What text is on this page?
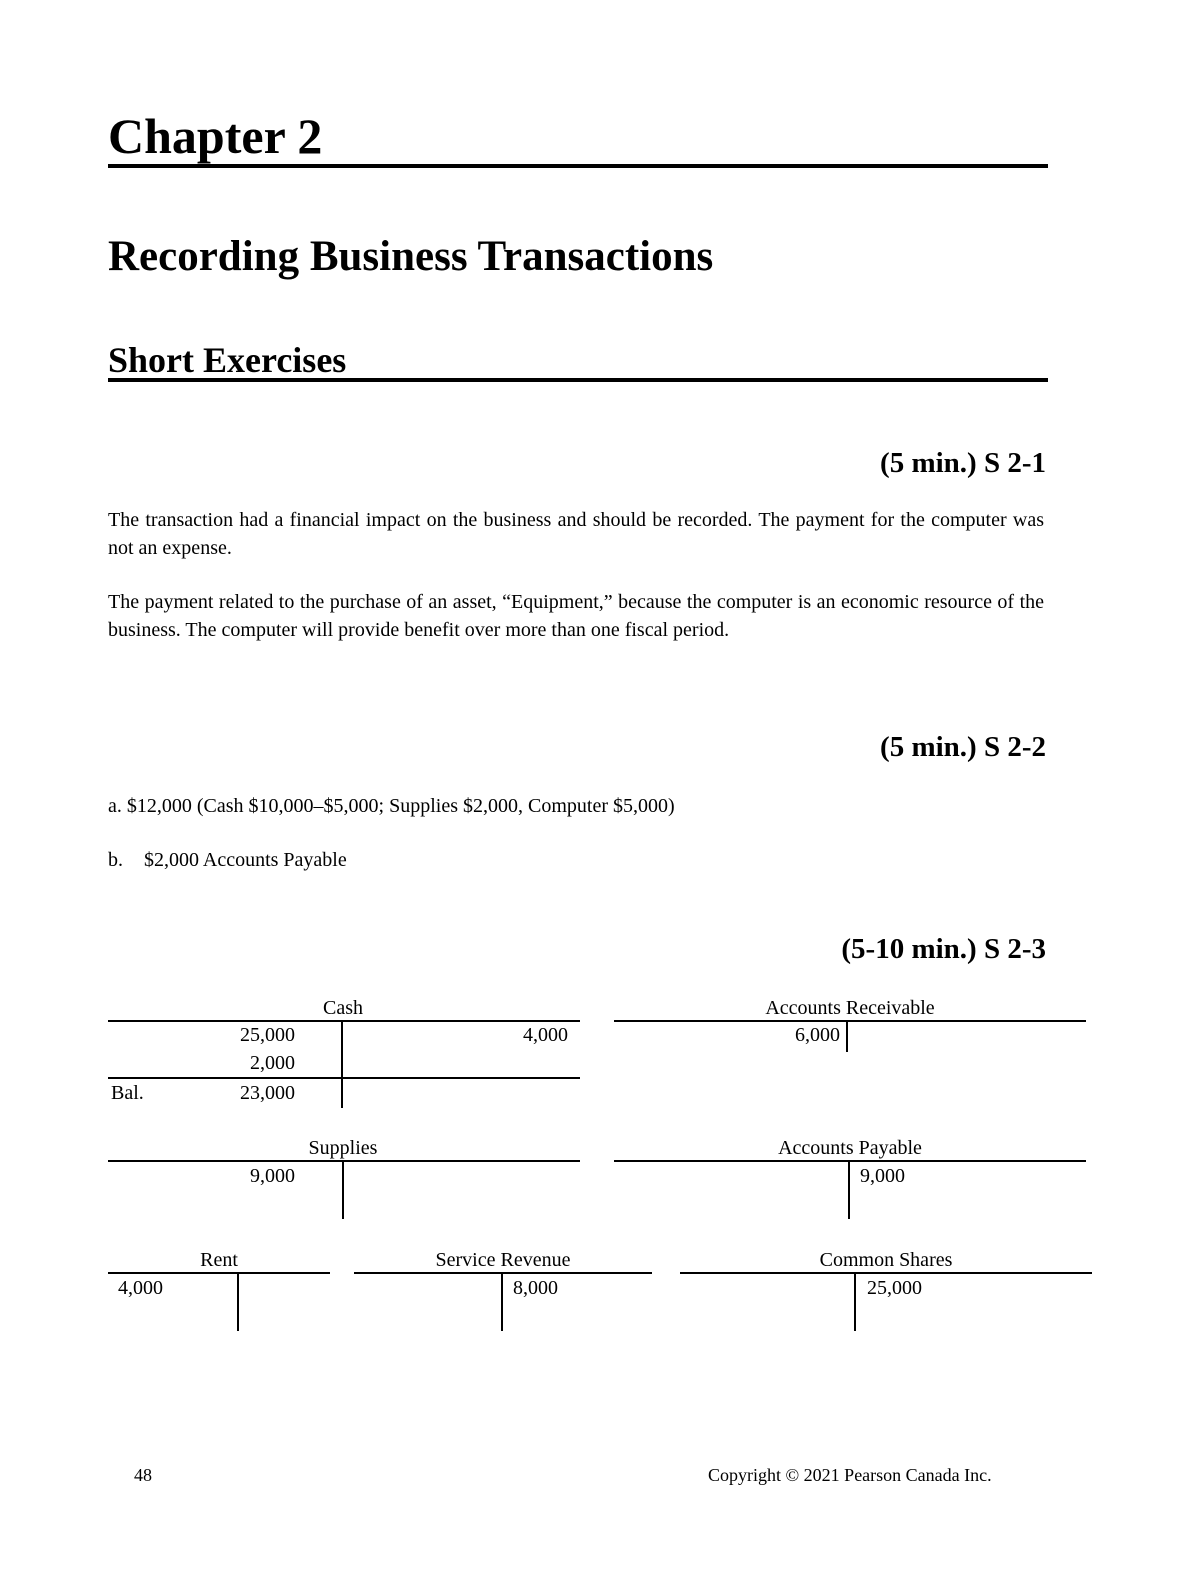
Chapter 2
Recording Business Transactions
Short Exercises
(5 min.) S 2-1
The transaction had a financial impact on the business and should be recorded. The payment for the computer was not an expense.
The payment related to the purchase of an asset, “Equipment,” because the computer is an economic resource of the business. The computer will provide benefit over more than one fiscal period.
(5 min.) S 2-2
a. $12,000 (Cash $10,000–$5,000; Supplies $2,000, Computer $5,000)
b. $2,000 Accounts Payable
(5-10 min.) S 2-3
Cash
25,000
2,000
4,000
Bal.	23,000
Accounts Receivable
6,000
Supplies
9,000
Accounts Payable
9,000
Rent
4,000
Service Revenue
8,000
Common Shares
25,000
48	Copyright © 2021 Pearson Canada Inc.
